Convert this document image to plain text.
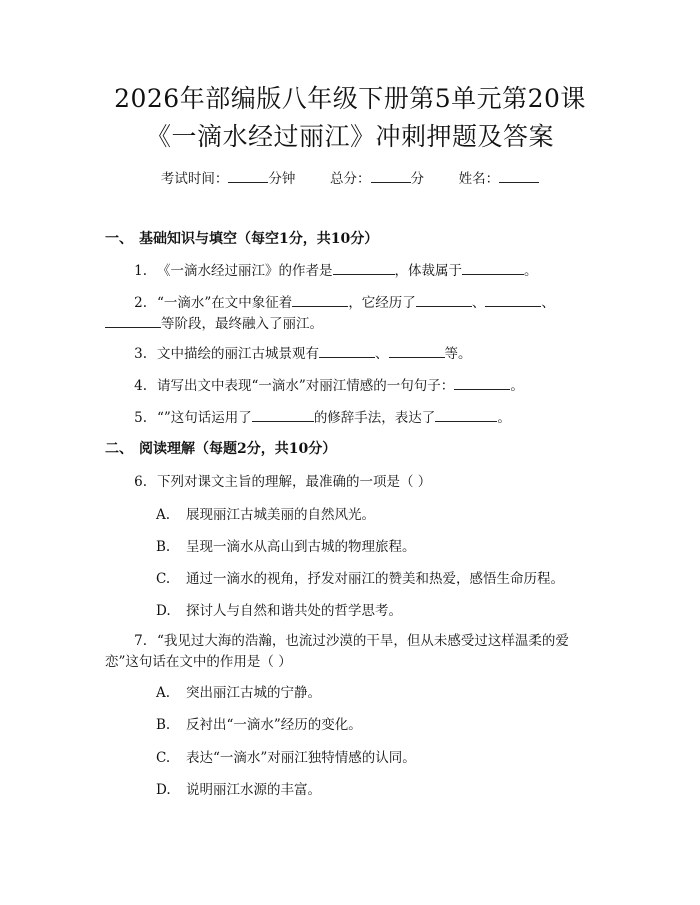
2026年部编版八年级下册第5单元第20课
《一滴水经过丽江》冲刺押题及答案
考试时间：	分钟	总分：	分	姓名：
一、 基础知识与填空（每空1分，共10分）
1. 《一滴水经过丽江》的作者是	，体裁属于	。
2. “一滴水”在文中象征着	，它经历了	、	、
等阶段，最终融入了丽江。
3. 文中描绘的丽江古城景观有	、	等。
4. 请写出文中表现“一滴水”对丽江情感的一句句子：	。
5. “”这句话运用了	的修辞手法，表达了	。
二、 阅读理解（每题2分，共10分）
6. 下列对课文主旨的理解，最准确的一项是（ ）
A. 展现丽江古城美丽的自然风光。
B. 呈现一滴水从高山到古城的物理旅程。
C. 通过一滴水的视角，抒发对丽江的赞美和热爱，感悟生命历程。
D. 探讨人与自然和谐共处的哲学思考。
7. “我见过大海的浩瀚，也流过沙漠的干旱，但从未感受过这样温柔的爱
恋”这句话在文中的作用是（ ）
A. 突出丽江古城的宁静。
B. 反衬出“一滴水”经历的变化。
C. 表达“一滴水”对丽江独特情感的认同。
D. 说明丽江水源的丰富。
